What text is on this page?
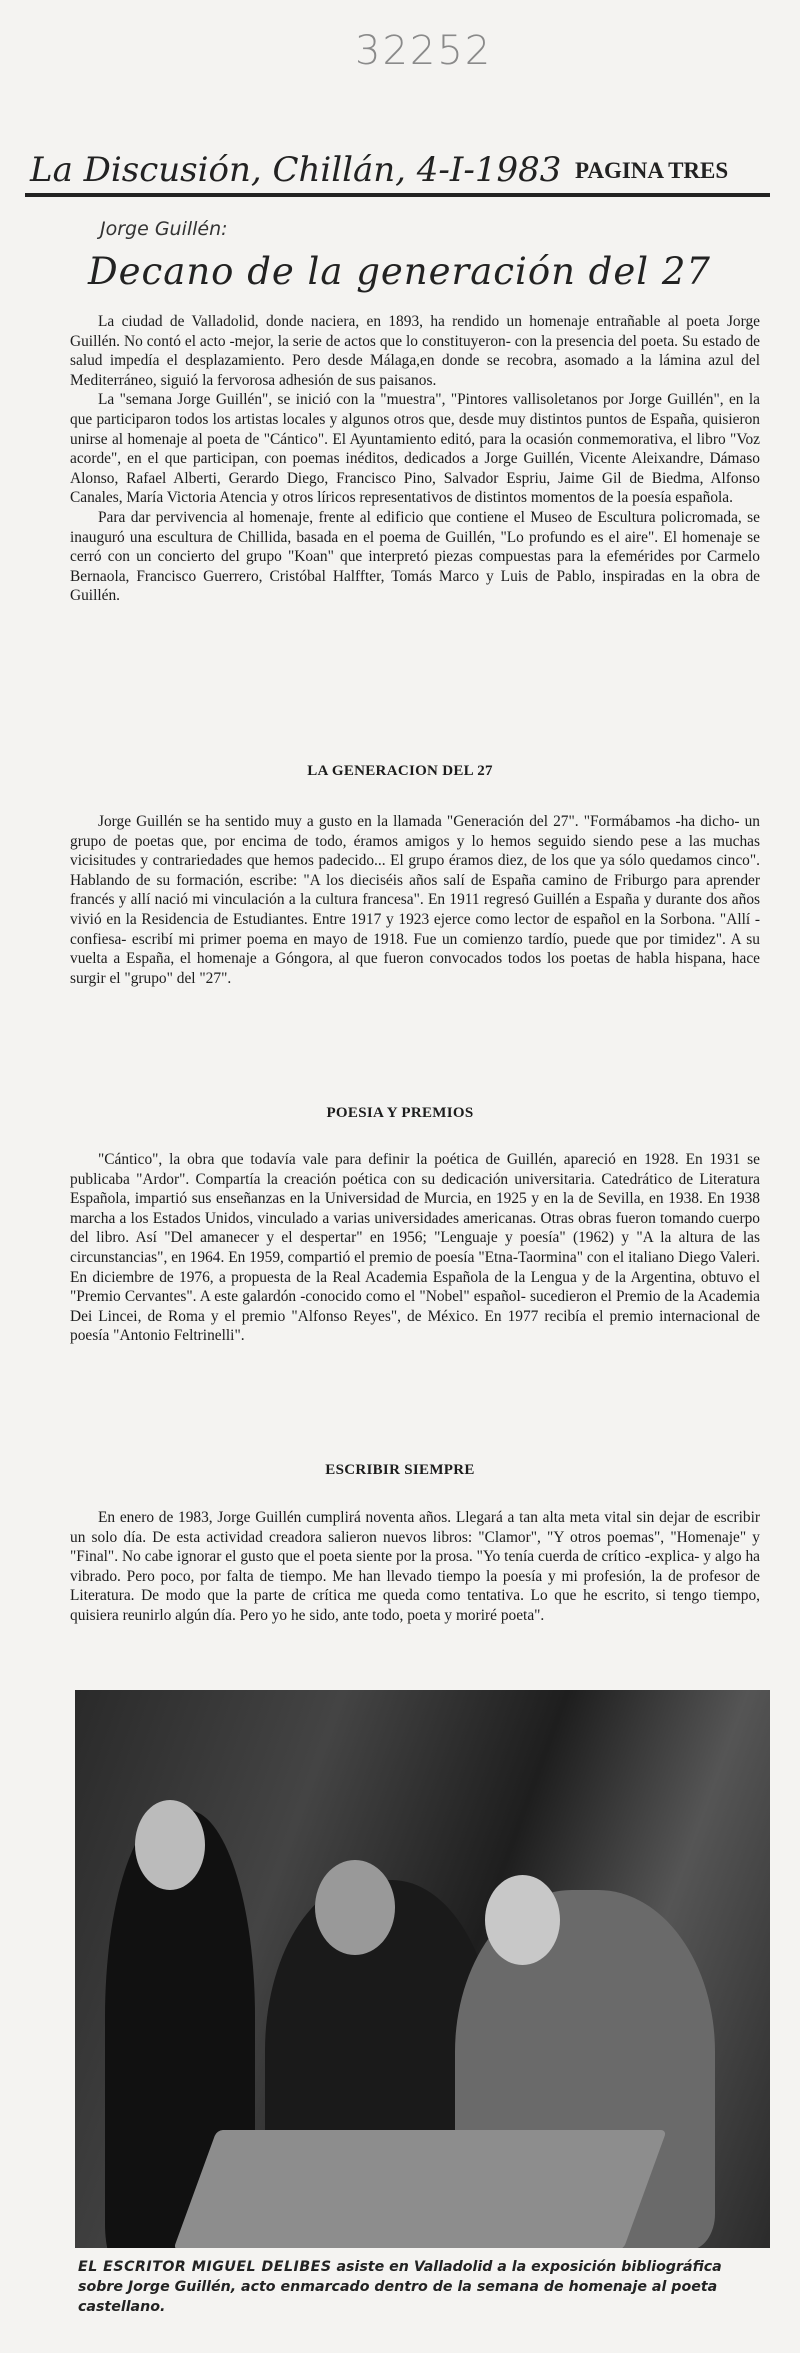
32252
La Discusión, Chillán, 4-I-1983 PAGINA TRES
Jorge Guillén:
Decano de la generación del 27

La ciudad de Valladolid, donde naciera, en 1893, ha rendido un homenaje entrañable al poeta Jorge Guillén. No contó el acto -mejor, la serie de actos que lo constituyeron- con la presencia del poeta. Su estado de salud impedía el desplazamiento. Pero desde Málaga,en donde se recobra, asomado a la lámina azul del Mediterráneo, siguió la fervorosa adhesión de sus paisanos.

La "semana Jorge Guillén", se inició con la "muestra", "Pintores vallisoletanos por Jorge Guillén", en la que participaron todos los artistas locales y algunos otros que, desde muy distintos puntos de España, quisieron unirse al homenaje al poeta de "Cántico". El Ayuntamiento editó, para la ocasión conmemorativa, el libro "Voz acorde", en el que participan, con poemas inéditos, dedicados a Jorge Guillén, Vicente Aleixandre, Dámaso Alonso, Rafael Alberti, Gerardo Diego, Francisco Pino, Salvador Espriu, Jaime Gil de Biedma, Alfonso Canales, María Victoria Atencia y otros líricos representativos de distintos momentos de la poesía española.

Para dar pervivencia al homenaje, frente al edificio que contiene el Museo de Escultura policromada, se inauguró una escultura de Chillida, basada en el poema de Guillén, "Lo profundo es el aire". El homenaje se cerró con un concierto del grupo "Koan" que interpretó piezas compuestas para la efemérides por Carmelo Bernaola, Francisco Guerrero, Cristóbal Halffter, Tomás Marco y Luis de Pablo, inspiradas en la obra de Guillén.

LA GENERACION DEL 27

Jorge Guillén se ha sentido muy a gusto en la llamada "Generación del 27". "Formábamos -ha dicho- un grupo de poetas que, por encima de todo, éramos amigos y lo hemos seguido siendo pese a las muchas vicisitudes y contrariedades que hemos padecido... El grupo éramos diez, de los que ya sólo quedamos cinco". Hablando de su formación, escribe: "A los dieciséis años salí de España camino de Friburgo para aprender francés y allí nació mi vinculación a la cultura francesa". En 1911 regresó Guillén a España y durante dos años vivió en la Residencia de Estudiantes. Entre 1917 y 1923 ejerce como lector de español en la Sorbona. "Allí -confiesa- escribí mi primer poema en mayo de 1918. Fue un comienzo tardío, puede que por timidez". A su vuelta a España, el homenaje a Góngora, al que fueron convocados todos los poetas de habla hispana, hace surgir el "grupo" del "27".

POESIA Y PREMIOS

"Cántico", la obra que todavía vale para definir la poética de Guillén, apareció en 1928. En 1931 se publicaba "Ardor". Compartía la creación poética con su dedicación universitaria. Catedrático de Literatura Española, impartió sus enseñanzas en la Universidad de Murcia, en 1925 y en la de Sevilla, en 1938. En 1938 marcha a los Estados Unidos, vinculado a varias universidades americanas. Otras obras fueron tomando cuerpo del libro. Así "Del amanecer y el despertar" en 1956; "Lenguaje y poesía" (1962) y "A la altura de las circunstancias", en 1964. En 1959, compartió el premio de poesía "Etna-Taormina" con el italiano Diego Valeri. En diciembre de 1976, a propuesta de la Real Academia Española de la Lengua y de la Argentina, obtuvo el "Premio Cervantes". A este galardón -conocido como el "Nobel" español- sucedieron el Premio de la Academia Dei Lincei, de Roma y el premio "Alfonso Reyes", de México. En 1977 recibía el premio internacional de poesía "Antonio Feltrinelli".

ESCRIBIR SIEMPRE

En enero de 1983, Jorge Guillén cumplirá noventa años. Llegará a tan alta meta vital sin dejar de escribir un solo día. De esta actividad creadora salieron nuevos libros: "Clamor", "Y otros poemas", "Homenaje" y "Final". No cabe ignorar el gusto que el poeta siente por la prosa. "Yo tenía cuerda de crítico -explica- y algo ha vibrado. Pero poco, por falta de tiempo. Me han llevado tiempo la poesía y mi profesión, la de profesor de Literatura. De modo que la parte de crítica me queda como tentativa. Lo que he escrito, si tengo tiempo, quisiera reunirlo algún día. Pero yo he sido, ante todo, poeta y moriré poeta".

EL ESCRITOR MIGUEL DELIBES asiste en Valladolid a la exposición bibliográfica sobre Jorge Guillén, acto enmarcado dentro de la semana de homenaje al poeta castellano.
